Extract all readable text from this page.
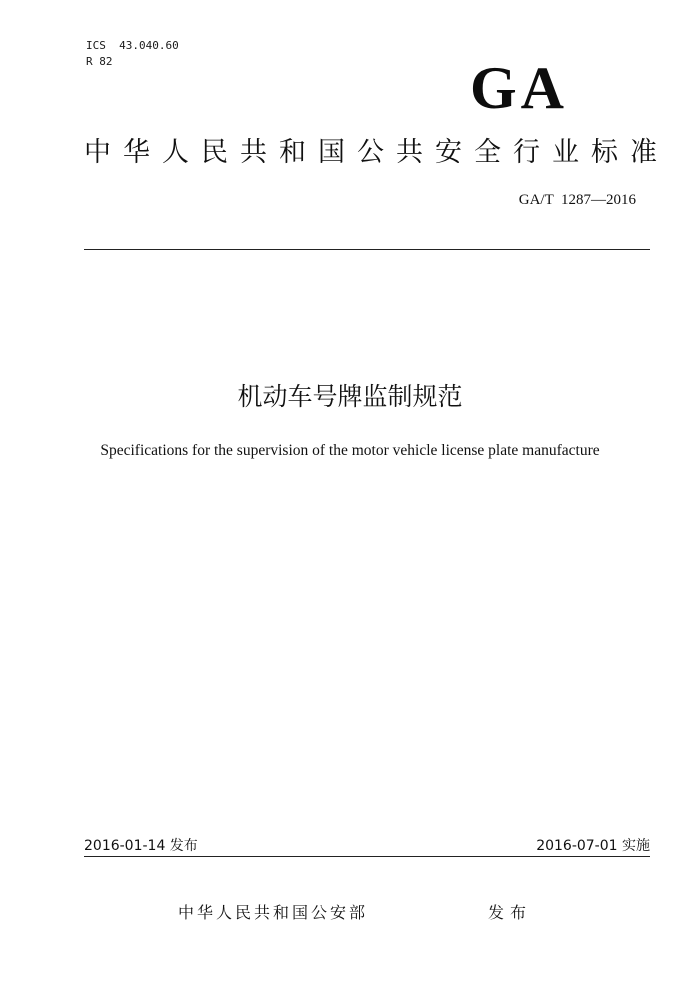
ICS  43.040.60
R 82	GA
中华人民共和国公共安全行业标准
GA/T  1287—2016
机动车号牌监制规范
Specifications for the supervision of the motor vehicle license plate manufacture
2016-01-14 发布	2016-07-01 实施
中华人民共和国公安部	发布
